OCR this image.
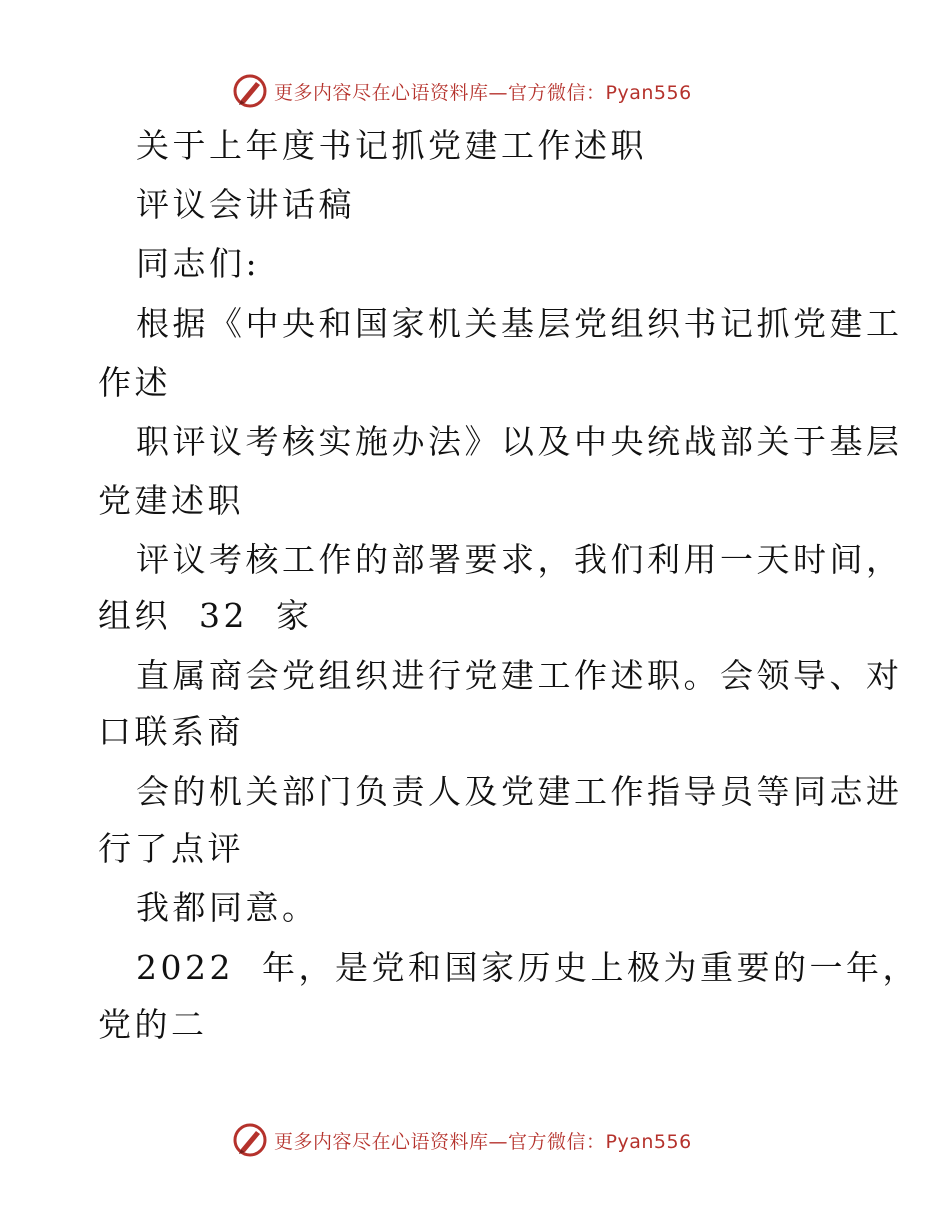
更多内容尽在心语资料库—官方微信：Pyan556
关于上年度书记抓党建工作述职
评议会讲话稿
同志们:
根据《中央和国家机关基层党组织书记抓党建工
作述
职评议考核实施办法》以及中央统战部关于基层
党建述职
评议考核工作的部署要求，我们利用一天时间，
组织  32  家
直属商会党组织进行党建工作述职。会领导、对
口联系商
会的机关部门负责人及党建工作指导员等同志进
行了点评
我都同意。
2022  年，是党和国家历史上极为重要的一年，
党的二
更多内容尽在心语资料库—官方微信：Pyan556
